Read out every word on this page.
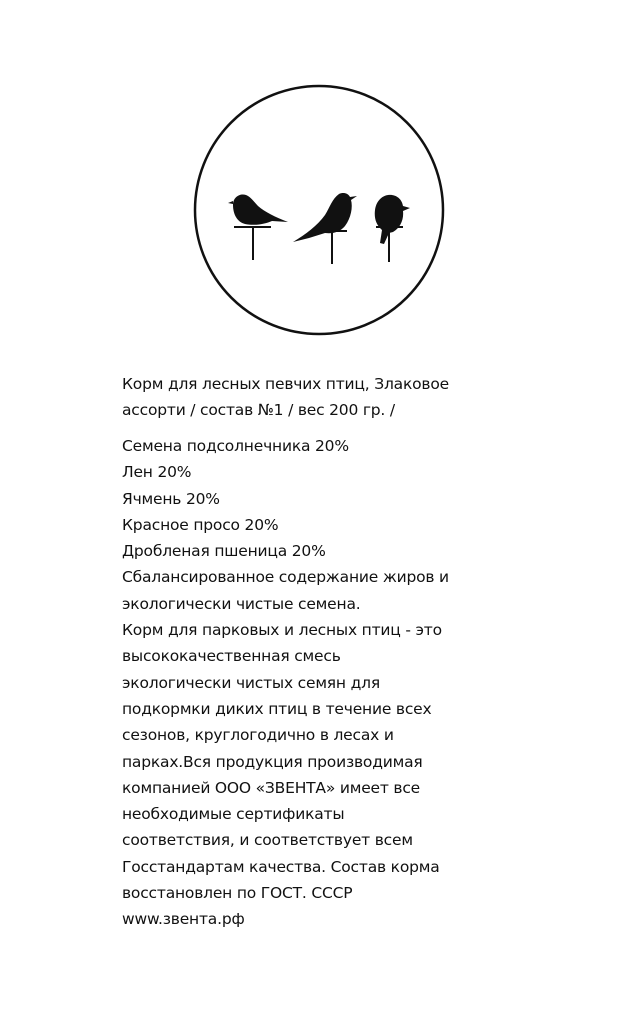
Корм для лесных певчих птиц, Злаковое
ассорти / состав №1 / вес 200 гр. /
Семена подсолнечника 20%
Лен 20%
Ячмень 20%
Красное просо 20%
Дробленая пшеница 20%
Сбалансированное содержание жиров и
экологически чистые семена.
Корм для парковых и лесных птиц - это
высококачественная смесь
экологически чистых семян для
подкормки диких птиц в течение всех
сезонов, круглогодично в лесах и
парках.Вся продукция производимая
компанией ООО «ЗВЕНТА» имеет все
необходимые сертификаты
соответствия, и соответствует всем
Госстандартам качества. Состав корма
восстановлен по ГОСТ. СССР
www.звента.рф
